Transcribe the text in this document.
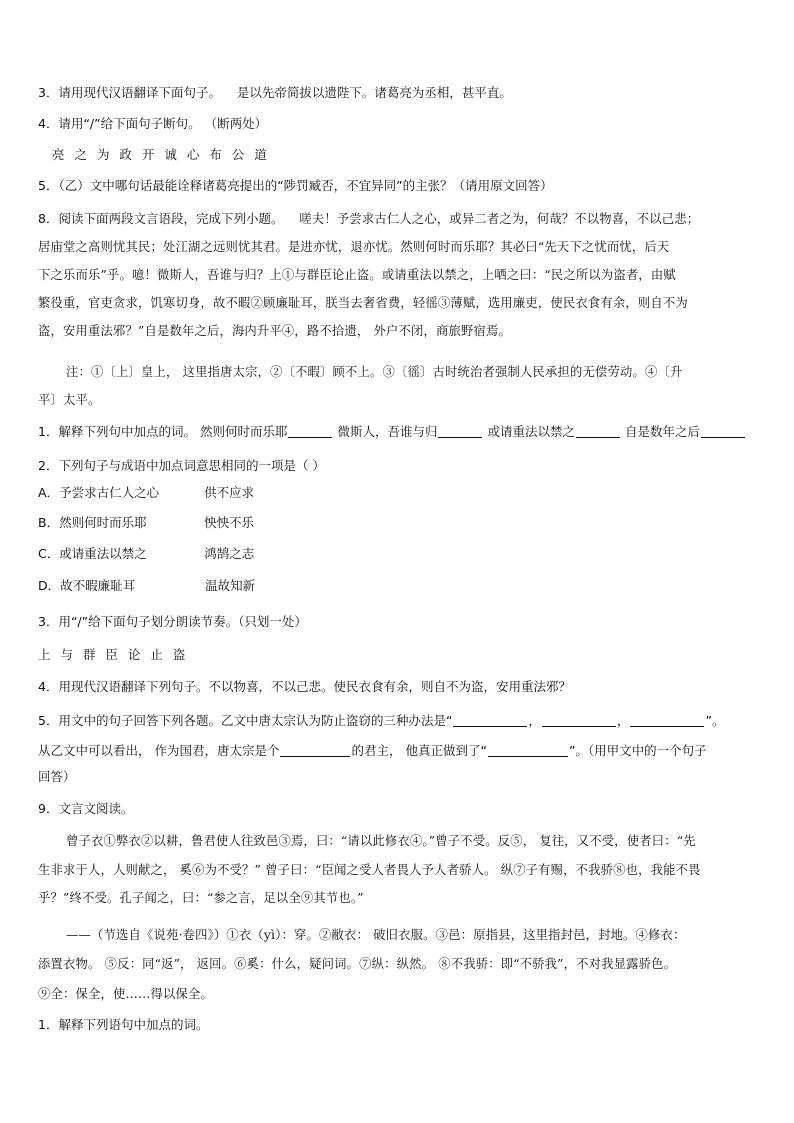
3．请用现代汉语翻译下面句子。 是以先帝简拔以遗陛下。诸葛亮为丞相，甚平直。
4．请用“/”给下面句子断句。 （断两处）
亮 之 为 政 开 诚 心 布 公 道
5．（乙）文中哪句话最能诠释诸葛亮提出的“陟罚臧否，不宜异同”的主张？（请用原文回答）
8．阅读下面两段文言语段，完成下列小题。 嗟夫！予尝求古仁人之心，或异二者之为，何哉？不以物喜，不以己悲；
居庙堂之高则忧其民；处江湖之远则忧其君。是进亦忧，退亦忧。然则何时而乐耶？其必曰“先天下之忧而忧，后天
下之乐而乐”乎。噫！微斯人，吾谁与归？上①与群臣论止盗。或请重法以禁之，上哂之曰：“民之所以为盗者，由赋
繁役重，官吏贪求，饥寒切身，故不暇②顾廉耻耳，朕当去奢省费，轻徭③薄赋，选用廉吏，使民衣食有余，则自不为
盗，安用重法邪？”自是数年之后，海内升平④，路不拾遗， 外户不闭，商旅野宿焉。
注：①〔上〕皇上， 这里指唐太宗，②〔不暇〕顾不上。③〔徭〕古时统治者强制人民承担的无偿劳动。④〔升
平〕太平。
1．解释下列句中加点的词。 然则何时而乐耶	微斯人，吾谁与归	或请重法以禁之	自是数年之后
2．下列句子与成语中加点词意思相同的一项是（ ）
A．予尝求古仁人之心	供不应求
B．然则何时而乐耶	怏怏不乐
C．或请重法以禁之	鸿鹄之志
D．故不暇廉耻耳	温故知新
3．用“/”给下面句子划分朗读节奏。（只划一处）
上 与 群 臣 论 止 盗
4．用现代汉语翻译下列句子。不以物喜，不以己悲。使民衣食有余，则自不为盗，安用重法邪？
5．用文中的句子回答下列各题。乙文中唐太宗认为防止盗窃的三种办法是“	，	，	”。
从乙文中可以看出， 作为国君，唐太宗是个	的君主， 他真正做到了“	”。（用甲文中的一个句子
回答）
9．文言文阅读。
曾子衣①弊衣②以耕，鲁君使人往致邑③焉，曰：“请以此修衣④。”曾子不受。反⑤， 复往，又不受，使者曰：“先
生非求于人，人则献之， 奚⑥为不受？” 曾子曰：“臣闻之受人者畏人予人者骄人。 纵⑦子有赐，不我骄⑧也，我能不畏
乎？”终不受。孔子闻之，曰：“参之言，足以全⑨其节也。”
——（节选自《说苑·卷四》）①衣（yì）：穿。②敝衣： 破旧衣服。③邑：原指县，这里指封邑，封地。④修衣：
添置衣物。 ⑤反：同“返”， 返回。⑥奚：什么，疑问词。⑦纵：纵然。 ⑧不我骄：即“不骄我”，不对我显露骄色。
⑨全：保全，使……得以保全。
1．解释下列语句中加点的词。
